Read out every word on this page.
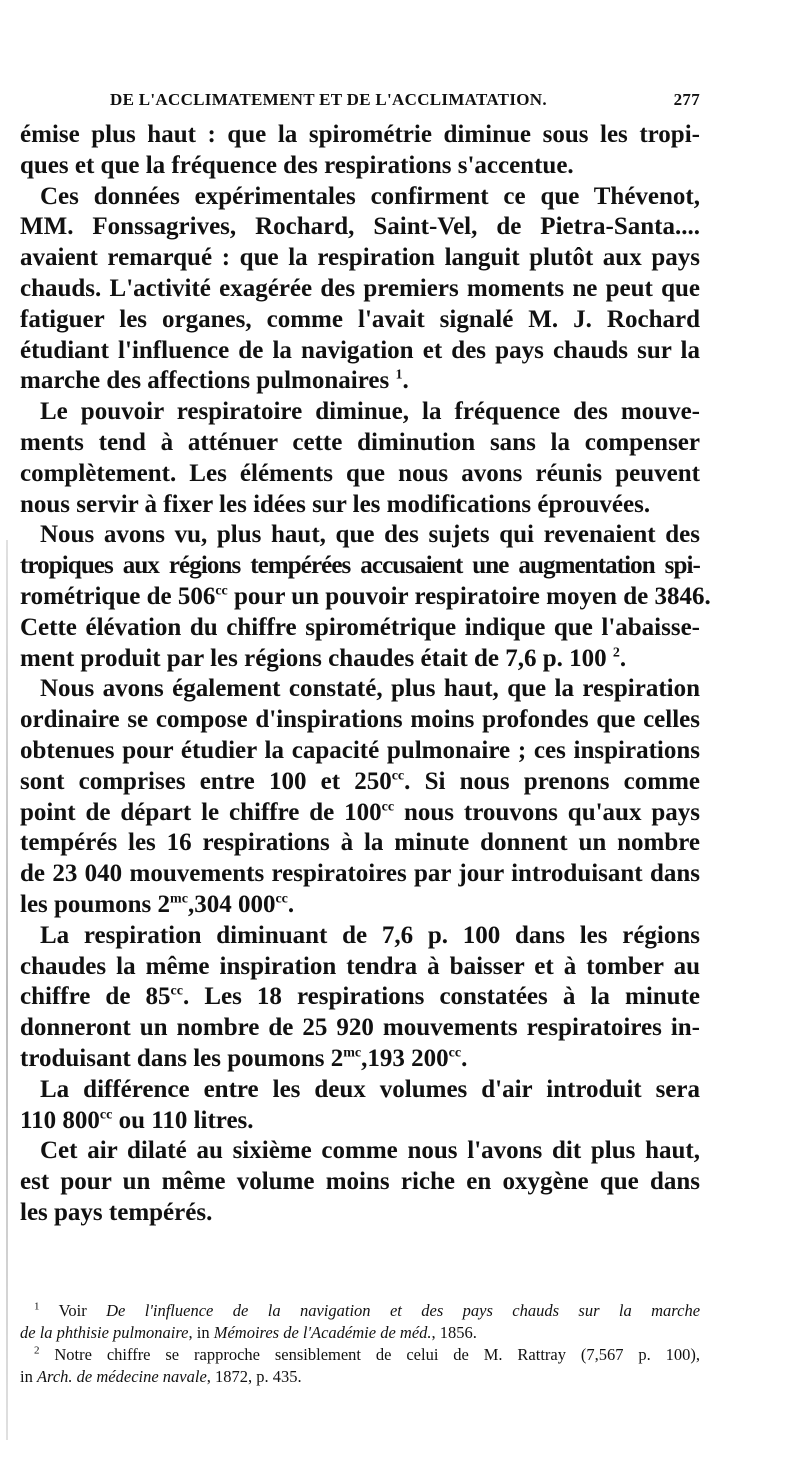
DE L'ACCLIMATEMENT ET DE L'ACCLIMATATION.	277
émise plus haut : que la spirométrie diminue sous les tropi-
ques et que la fréquence des respirations s'accentue.
Ces données expérimentales confirment ce que Thévenot,
MM. Fonssagrives, Rochard, Saint-Vel, de Pietra-Santa....
avaient remarqué : que la respiration languit plutôt aux pays
chauds. L'activité exagérée des premiers moments ne peut que
fatiguer les organes, comme l'avait signalé M. J. Rochard
étudiant l'influence de la navigation et des pays chauds sur la
marche des affections pulmonaires $^1$.
Le pouvoir respiratoire diminue, la fréquence des mouve-
ments tend à atténuer cette diminution sans la compenser
complètement. Les éléments que nous avons réunis peuvent
nous servir à fixer les idées sur les modifications éprouvées.
Nous avons vu, plus haut, que des sujets qui revenaient des
tropiques aux régions tempérées accusaient une augmentation spi-
rométrique de $506^{cc}$ pour un pouvoir respiratoire moyen de 3846.
Cette élévation du chiffre spirométrique indique que l'abaisse-
ment produit par les régions chaudes était de 7,6 p. 100 $^2$.
Nous avons également constaté, plus haut, que la respiration
ordinaire se compose d'inspirations moins profondes que celles
obtenues pour étudier la capacité pulmonaire ; ces inspirations
sont comprises entre 100 et $250^{cc}$. Si nous prenons comme
point de départ le chiffre de $100^{cc}$ nous trouvons qu'aux pays
tempérés les 16 respirations à la minute donnent un nombre
de 23 040 mouvements respiratoires par jour introduisant dans
les poumons $2^{mc},304$ $000^{cc}$.
La respiration diminuant de 7,6 p. 100 dans les régions
chaudes la même inspiration tendra à baisser et à tomber au
chiffre de $85^{cc}$. Les 18 respirations constatées à la minute
donneront un nombre de 25 920 mouvements respiratoires in-
troduisant dans les poumons $2^{mc},193$ $200^{cc}$.
La différence entre les deux volumes d'air introduit sera
110 $800^{cc}$ ou 110 litres.
Cet air dilaté au sixième comme nous l'avons dit plus haut,
est pour un même volume moins riche en oxygène que dans
les pays tempérés.
$^1$ Voir De l'influence de la navigation et des pays chauds sur la marche
de la phthisie pulmonaire, in Mémoires de l'Académie de méd., 1856.
$^2$ Notre chiffre se rapproche sensiblement de celui de M. Rattray (7,567 p. 100),
in Arch. de médecine navale, 1872, p. 435.
